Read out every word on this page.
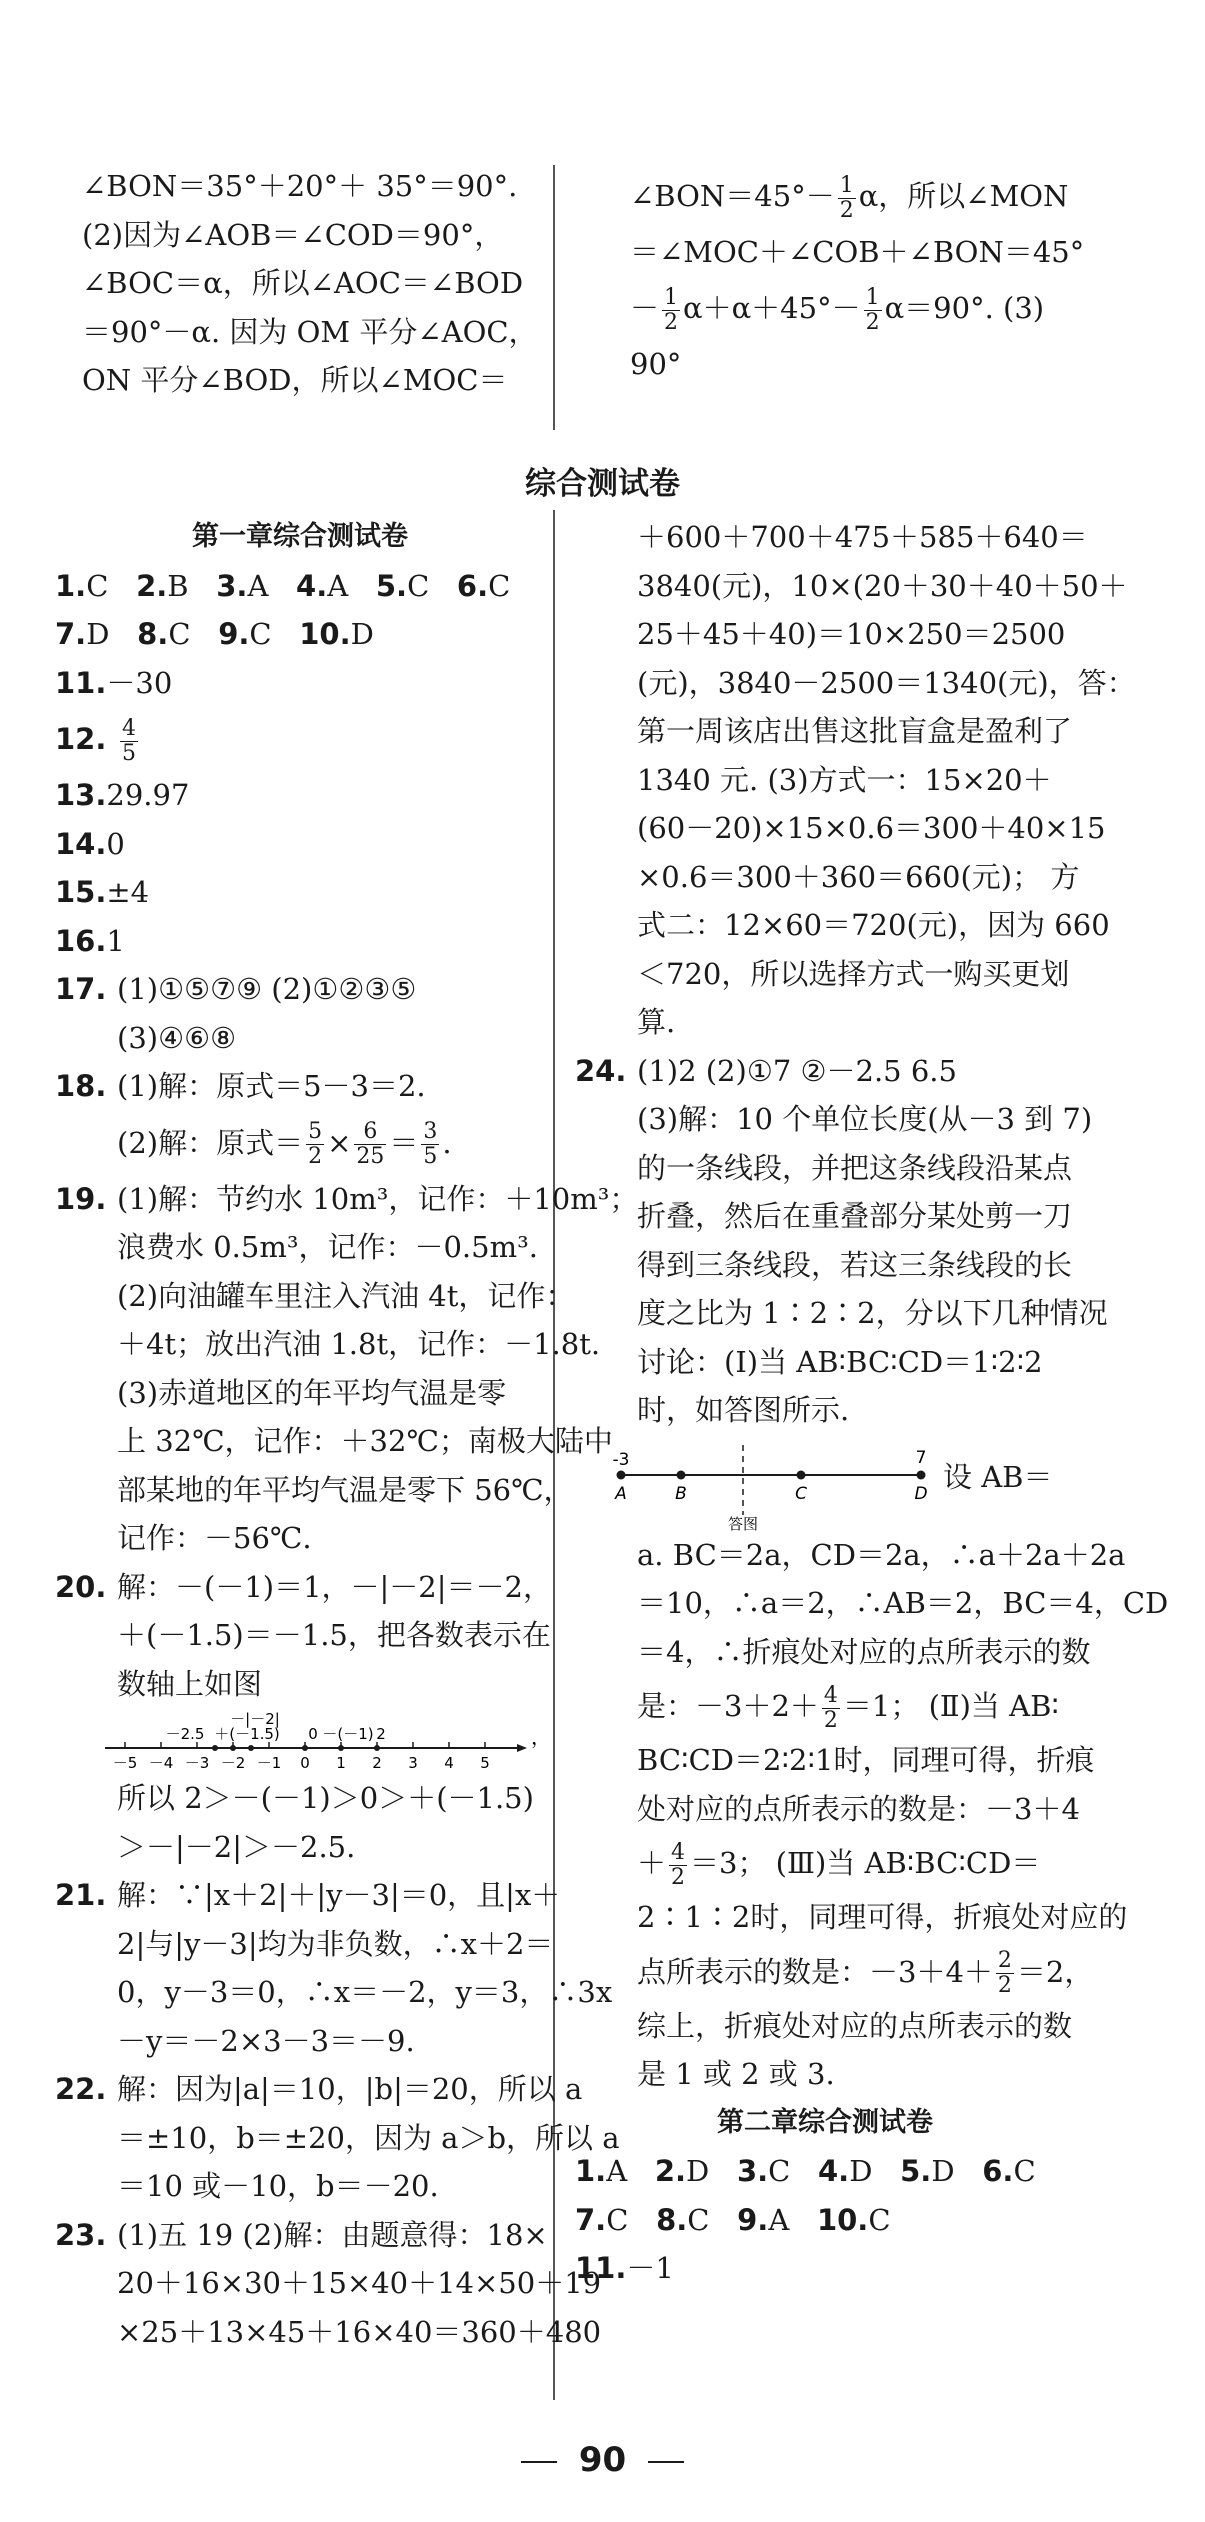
∠BON＝35°＋20°＋ 35°＝90°.
(2)因为∠AOB＝∠COD＝90°，
∠BOC＝α，所以∠AOC＝∠BOD
＝90°－α. 因为 OM 平分∠AOC，
ON 平分∠BOD，所以∠MOC＝
∠BON＝45°－ $\frac{1}{2}$ α，所以∠MON
＝∠MOC＋∠COB＋∠BON＝45°
－ $\frac{1}{2} \alpha+\alpha+45^\circ- \frac{1}{2} \alpha=90^\circ$. (3)
90°
综合测试卷
第一章综合测试卷
1.C 2.B 3.A 4.A 5.C 6.C
7.D 8.C 9.C 10.D
11.－30
12. $\frac{4}{5}$
13.29.97
14.0
15.±4
16.1
17. (1)①⑤⑦⑨ (2)①②③⑤
(3)④⑥⑧
18. (1)解：原式＝5－3＝2.
(2)解：原式＝ $\frac{5}{2} \times \frac{6}{25} = \frac{3}{5}$ .
19. (1)解：节约水 10m³，记作：＋10m³；
浪费水 0.5m³，记作：－0.5m³.
(2)向油罐车里注入汽油 4t，记作：
＋4t；放出汽油 1.8t，记作：－1.8t.
(3)赤道地区的年平均气温是零
上 32℃，记作：＋32℃；南极大陆中
部某地的年平均气温是零下 56℃，
记作：－56℃.
20. 解：－(－1)＝1，－|－2|＝－2，
＋(－1.5)＝－1.5，把各数表示在
数轴上如图
－5 －4 －3 －2 －1 0 1 2 3 4 5
－|－2|
－2.5 ＋(－1.5) 0 －(－1) 2	，
所以 2＞－(－1)＞0＞＋(－1.5)
＞－|－2|＞－2.5.
21. 解：∵|x＋2|＋|y－3|＝0，且|x＋
2|与|y－3|均为非负数，∴x＋2＝
0，y－3＝0，∴x＝－2，y＝3，∴3x
－y＝－2×3－3＝－9.
22. 解：因为|a|＝10，|b|＝20，所以 a
＝±10，b＝±20，因为 a＞b，所以 a
＝10 或－10，b＝－20.
23. (1)五 19 (2)解：由题意得：18×
20＋16×30＋15×40＋14×50＋19
×25＋13×45＋16×40＝360＋480
＋600＋700＋475＋585＋640＝
3840(元)，10×(20＋30＋40＋50＋
25＋45＋40)＝10×250＝2500
(元)，3840－2500＝1340(元)，答：
第一周该店出售这批盲盒是盈利了
1340 元. (3)方式一：15×20＋
(60－20)×15×0.6＝300＋40×15
×0.6＝300＋360＝660(元)； 方
式二：12×60＝720(元)，因为 660
＜720，所以选择方式一购买更划
算.
24. (1)2 (2)①7 ②－2.5 6.5
(3)解：10 个单位长度(从－3 到 7)
的一条线段，并把这条线段沿某点
折叠，然后在重叠部分某处剪一刀
得到三条线段，若这三条线段的长
度之比为 1∶2∶2，分以下几种情况
讨论：(Ⅰ)当 AB∶BC∶CD＝1∶2∶2
时，如答图所示.
-3	7
A	B	C	D
答图
设 AB＝
a. BC＝2a，CD＝2a，∴a＋2a＋2a
＝10，∴a＝2，∴AB＝2，BC＝4，CD
＝4，∴折痕处对应的点所表示的数
是：$-3+2+ \frac{4}{2} =1$； (Ⅱ)当 AB∶
BC∶CD＝2∶2∶1时，同理可得，折痕
处对应的点所表示的数是：－3＋4
＋ $\frac{4}{2} =3$； (Ⅲ)当 AB∶BC∶CD＝
2∶1∶2时，同理可得，折痕处对应的
点所表示的数是：$-3+4+ \frac{2}{2} =2$，
综上，折痕处对应的点所表示的数
是 1 或 2 或 3.
第二章综合测试卷
1.A 2.D 3.C 4.D 5.D 6.C
7.C 8.C 9.A 10.C
11.－1
90
